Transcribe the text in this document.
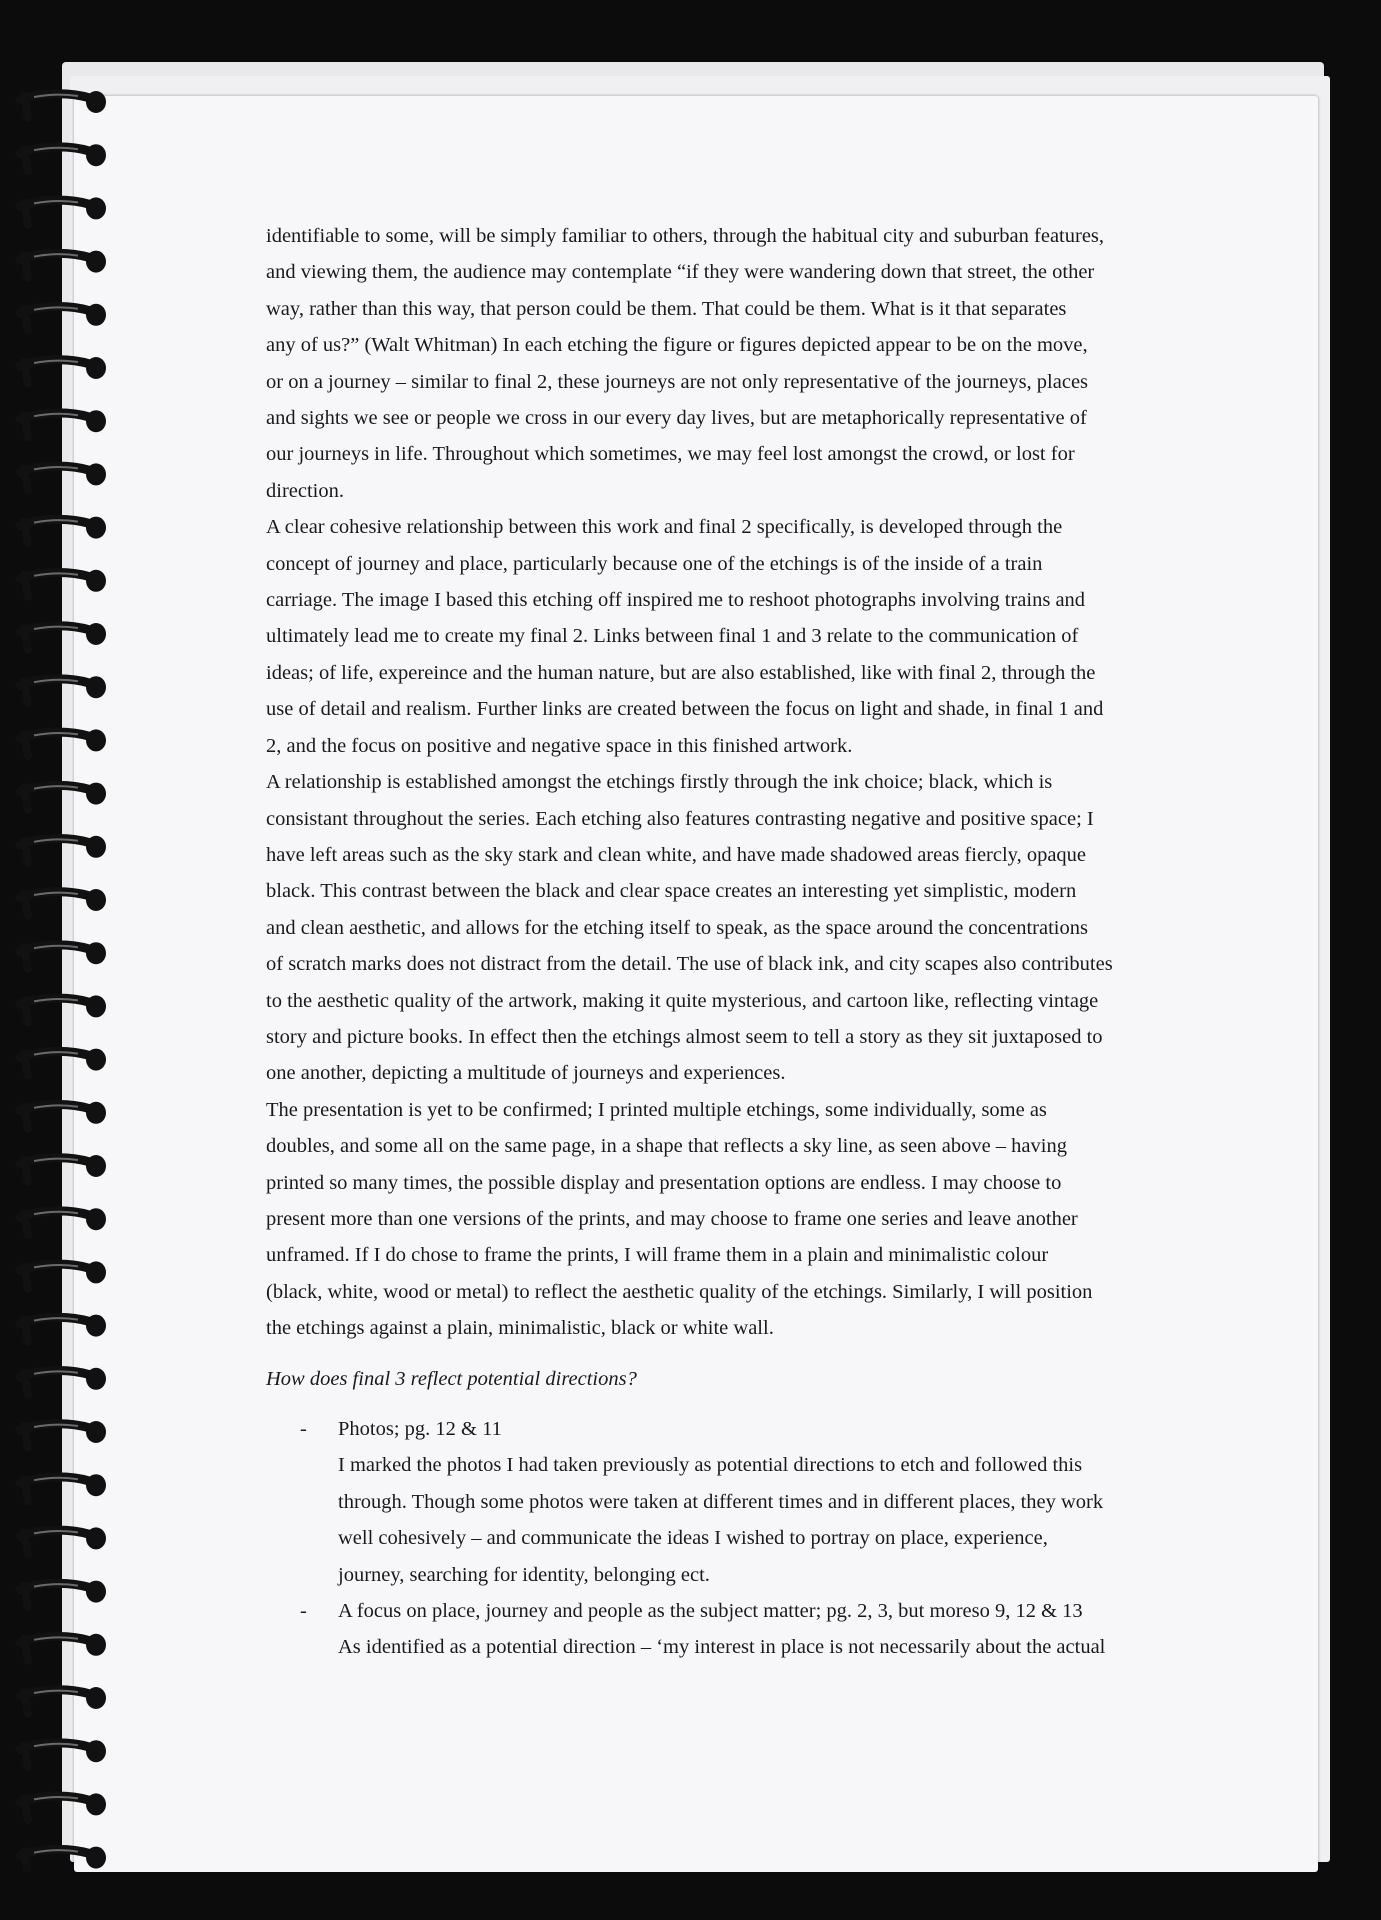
identifiable to some, will be simply familiar to others, through the habitual city and suburban features,
and viewing them, the audience may contemplate “if they were wandering down that street, the other
way, rather than this way, that person could be them. That could be them. What is it that separates
any of us?” (Walt Whitman) In each etching the figure or figures depicted appear to be on the move,
or on a journey – similar to final 2, these journeys are not only representative of the journeys, places
and sights we see or people we cross in our every day lives, but are metaphorically representative of
our journeys in life. Throughout which sometimes, we may feel lost amongst the crowd, or lost for
direction.
A clear cohesive relationship between this work and final 2 specifically, is developed through the
concept of journey and place, particularly because one of the etchings is of the inside of a train
carriage. The image I based this etching off inspired me to reshoot photographs involving trains and
ultimately lead me to create my final 2. Links between final 1 and 3 relate to the communication of
ideas; of life, expereince and the human nature, but are also established, like with final 2, through the
use of detail and realism. Further links are created between the focus on light and shade, in final 1 and
2, and the focus on positive and negative space in this finished artwork.
A relationship is established amongst the etchings firstly through the ink choice; black, which is
consistant throughout the series. Each etching also features contrasting negative and positive space; I
have left areas such as the sky stark and clean white, and have made shadowed areas fiercly, opaque
black. This contrast between the black and clear space creates an interesting yet simplistic, modern
and clean aesthetic, and allows for the etching itself to speak, as the space around the concentrations
of scratch marks does not distract from the detail. The use of black ink, and city scapes also contributes
to the aesthetic quality of the artwork, making it quite mysterious, and cartoon like, reflecting vintage
story and picture books. In effect then the etchings almost seem to tell a story as they sit juxtaposed to
one another, depicting a multitude of journeys and experiences.
The presentation is yet to be confirmed; I printed multiple etchings, some individually, some as
doubles, and some all on the same page, in a shape that reflects a sky line, as seen above – having
printed so many times, the possible display and presentation options are endless. I may choose to
present more than one versions of the prints, and may choose to frame one series and leave another
unframed. If I do chose to frame the prints, I will frame them in a plain and minimalistic colour
(black, white, wood or metal) to reflect the aesthetic quality of the etchings. Similarly, I will position
the etchings against a plain, minimalistic, black or white wall.
How does final 3 reflect potential directions?
- Photos; pg. 12 & 11
I marked the photos I had taken previously as potential directions to etch and followed this
through. Though some photos were taken at different times and in different places, they work
well cohesively – and communicate the ideas I wished to portray on place, experience,
journey, searching for identity, belonging ect.
- A focus on place, journey and people as the subject matter; pg. 2, 3, but moreso 9, 12 & 13
As identified as a potential direction – ‘my interest in place is not necessarily about the actual
